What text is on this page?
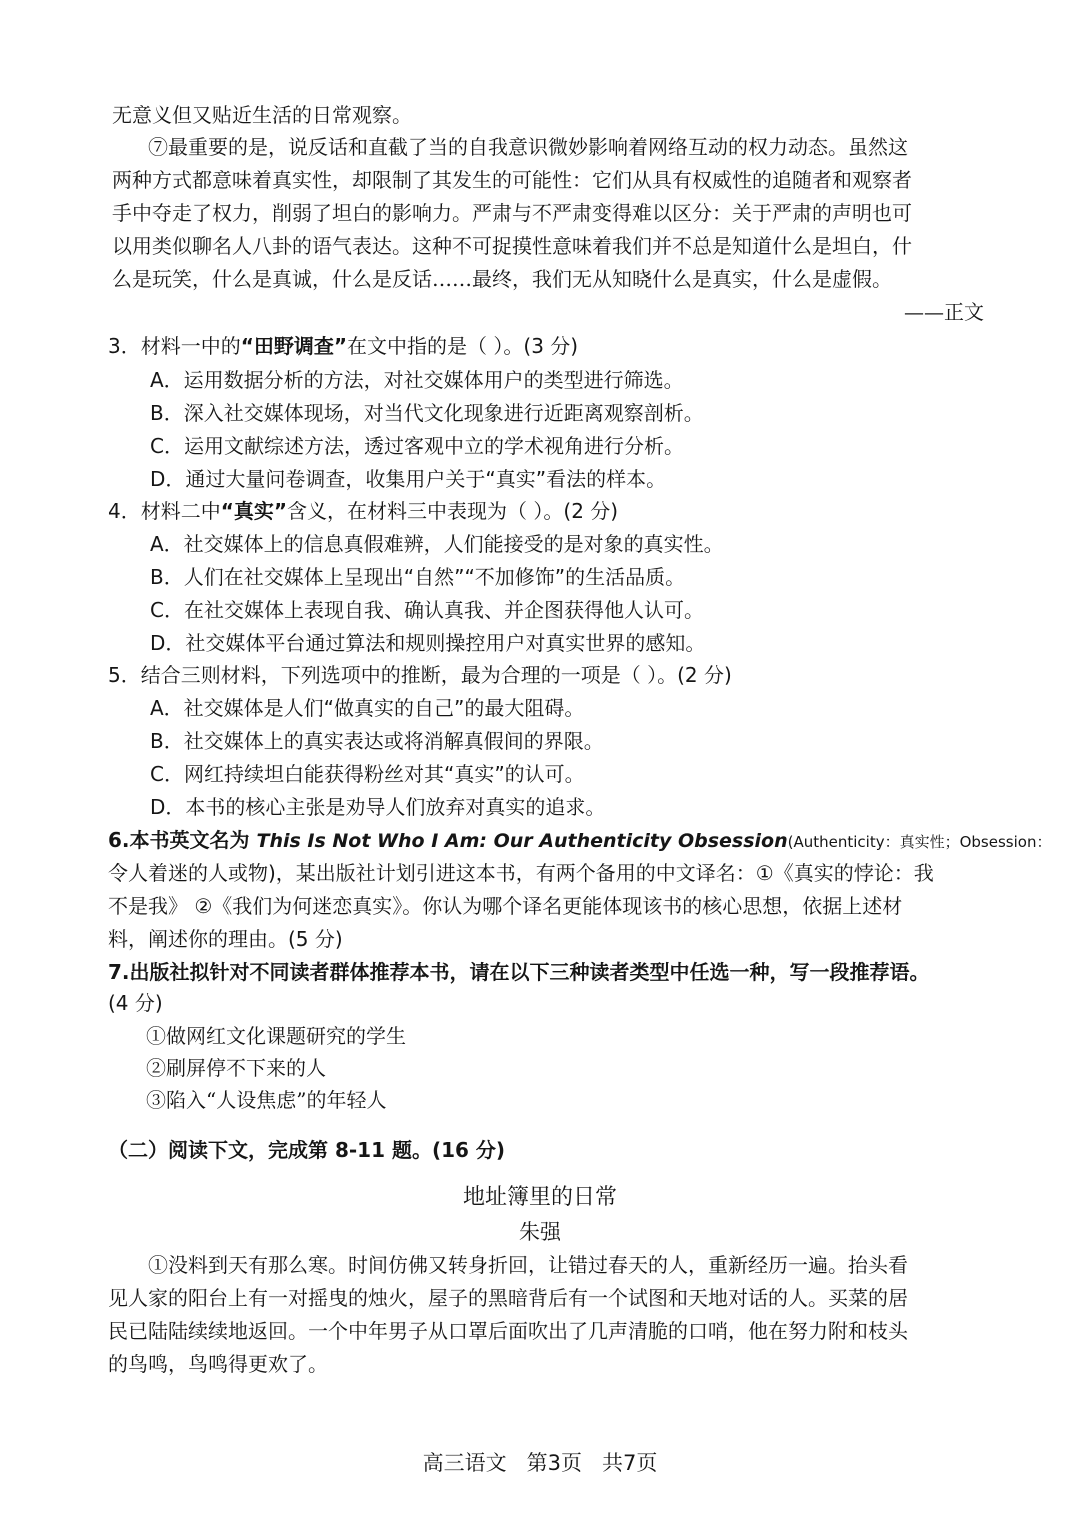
无意义但又贴近生活的日常观察。
⑦最重要的是，说反话和直截了当的自我意识微妙影响着网络互动的权力动态。虽然这
两种方式都意味着真实性，却限制了其发生的可能性：它们从具有权威性的追随者和观察者
手中夺走了权力，削弱了坦白的影响力。严肃与不严肃变得难以区分：关于严肃的声明也可
以用类似聊名人八卦的语气表达。这种不可捉摸性意味着我们并不总是知道什么是坦白，什
么是玩笑，什么是真诚，什么是反话……最终，我们无从知晓什么是真实，什么是虚假。
——正文
3．材料一中的“田野调查”在文中指的是（ ）。(3 分)
A．运用数据分析的方法，对社交媒体用户的类型进行筛选。
B．深入社交媒体现场，对当代文化现象进行近距离观察剖析。
C．运用文献综述方法，透过客观中立的学术视角进行分析。
D．通过大量问卷调查，收集用户关于“真实”看法的样本。
4．材料二中“真实”含义，在材料三中表现为（ ）。(2 分)
A．社交媒体上的信息真假难辨，人们能接受的是对象的真实性。
B．人们在社交媒体上呈现出“自然”“不加修饰”的生活品质。
C．在社交媒体上表现自我、确认真我、并企图获得他人认可。
D．社交媒体平台通过算法和规则操控用户对真实世界的感知。
5．结合三则材料，下列选项中的推断，最为合理的一项是（ ）。(2 分)
A．社交媒体是人们“做真实的自己”的最大阻碍。
B．社交媒体上的真实表达或将消解真假间的界限。
C．网红持续坦白能获得粉丝对其“真实”的认可。
D．本书的核心主张是劝导人们放弃对真实的追求。
6.本书英文名为 This Is Not Who I Am: Our Authenticity Obsession(Authenticity：真实性；Obsession：
令人着迷的人或物)，某出版社计划引进这本书，有两个备用的中文译名：①《真实的悖论：我
不是我》 ②《我们为何迷恋真实》。你认为哪个译名更能体现该书的核心思想，依据上述材
料，阐述你的理由。(5 分)
7.出版社拟针对不同读者群体推荐本书，请在以下三种读者类型中任选一种，写一段推荐语。
(4 分)
①做网红文化课题研究的学生
②刷屏停不下来的人
③陷入“人设焦虑”的年轻人
（二）阅读下文，完成第 8-11 题。(16 分)
地址簿里的日常
朱强
①没料到天有那么寒。时间仿佛又转身折回，让错过春天的人，重新经历一遍。抬头看
见人家的阳台上有一对摇曳的烛火，屋子的黑暗背后有一个试图和天地对话的人。买菜的居
民已陆陆续续地返回。一个中年男子从口罩后面吹出了几声清脆的口哨，他在努力附和枝头
的鸟鸣，鸟鸣得更欢了。
高三语文   第3页   共7页
